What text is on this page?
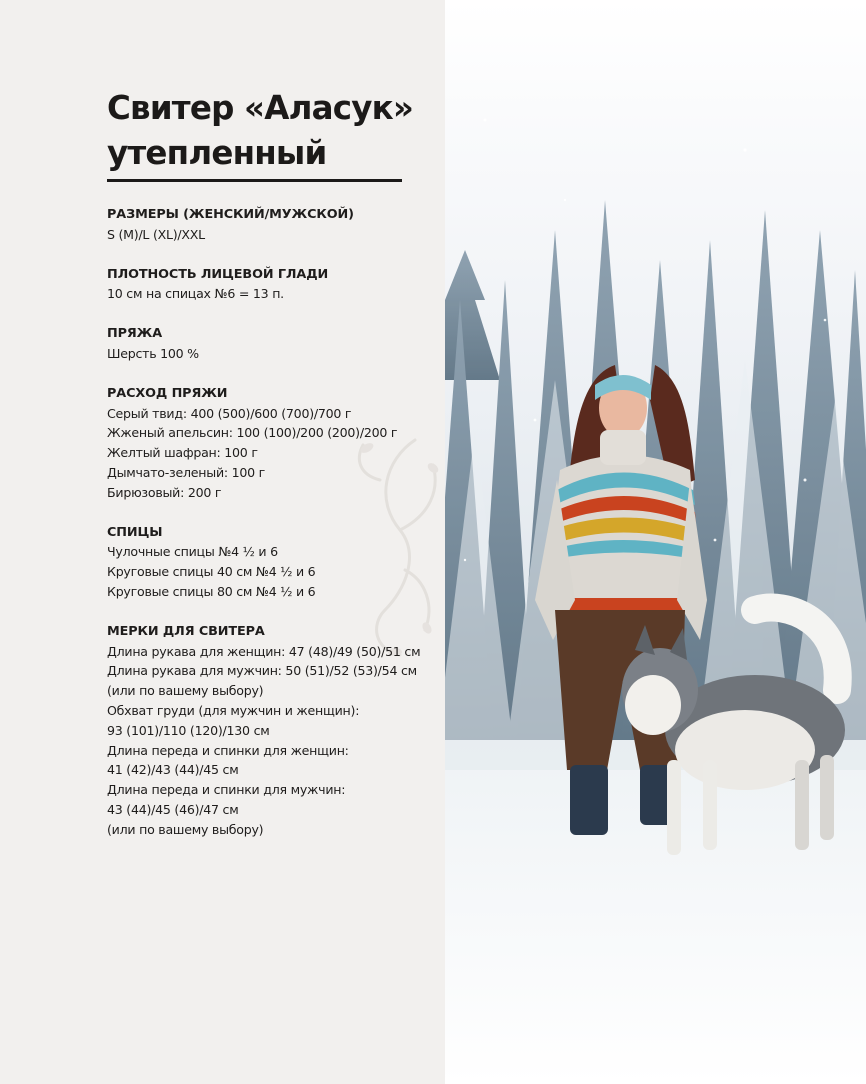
Свитер «Аласук»
утепленный
РАЗМЕРЫ (ЖЕНСКИЙ/МУЖСКОЙ)
S (M)/L (XL)/XXL
ПЛОТНОСТЬ ЛИЦЕВОЙ ГЛАДИ
10 см на спицах №6 = 13 п.
ПРЯЖА
Шерсть 100 %
РАСХОД ПРЯЖИ
Серый твид: 400 (500)/600 (700)/700 г
Жженый апельсин: 100 (100)/200 (200)/200 г
Желтый шафран: 100 г
Дымчато-зеленый: 100 г
Бирюзовый: 200 г
СПИЦЫ
Чулочные спицы №4 ½ и 6
Круговые спицы 40 см №4 ½ и 6
Круговые спицы 80 см №4 ½ и 6
МЕРКИ ДЛЯ СВИТЕРА
Длина рукава для женщин: 47 (48)/49 (50)/51 см
Длина рукава для мужчин: 50 (51)/52 (53)/54 см
(или по вашему выбору)
Обхват груди (для мужчин и женщин):
93 (101)/110 (120)/130 см
Длина переда и спинки для женщин:
41 (42)/43 (44)/45 см
Длина переда и спинки для мужчин:
43 (44)/45 (46)/47 см
(или по вашему выбору)
